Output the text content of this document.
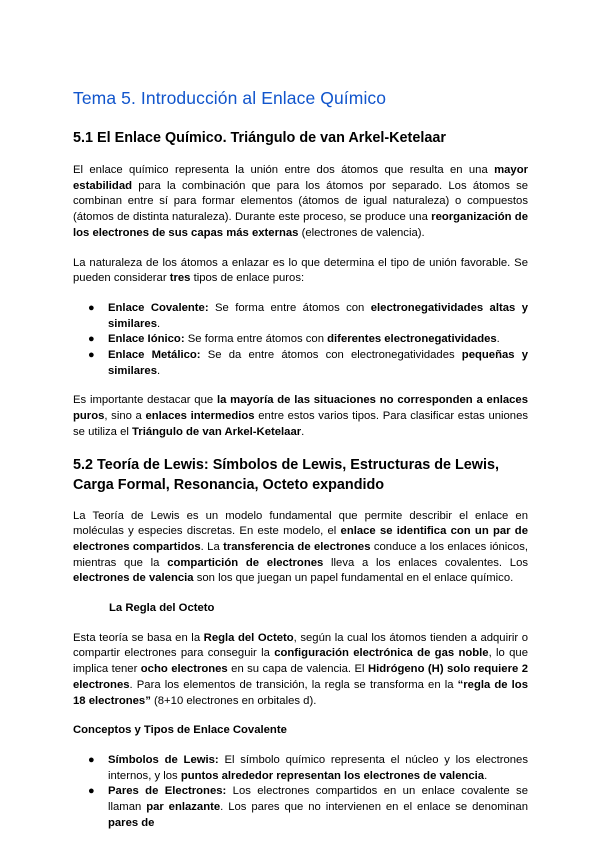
Tema 5. Introducción al Enlace Químico
5.1 El Enlace Químico. Triángulo de van Arkel-Ketelaar

El enlace químico representa la unión entre dos átomos que resulta en una mayor estabilidad para la combinación que para los átomos por separado. Los átomos se combinan entre sí para formar elementos (átomos de igual naturaleza) o compuestos (átomos de distinta naturaleza). Durante este proceso, se produce una reorganización de los electrones de sus capas más externas (electrones de valencia).

La naturaleza de los átomos a enlazar es lo que determina el tipo de unión favorable. Se pueden considerar tres tipos de enlace puros:

● Enlace Covalente: Se forma entre átomos con electronegatividades altas y similares.
● Enlace Iónico: Se forma entre átomos con diferentes electronegatividades.
● Enlace Metálico: Se da entre átomos con electronegatividades pequeñas y similares.

Es importante destacar que la mayoría de las situaciones no corresponden a enlaces puros, sino a enlaces intermedios entre estos varios tipos. Para clasificar estas uniones se utiliza el Triángulo de van Arkel-Ketelaar.

5.2 Teoría de Lewis: Símbolos de Lewis, Estructuras de Lewis, Carga Formal, Resonancia, Octeto expandido

La Teoría de Lewis es un modelo fundamental que permite describir el enlace en moléculas y especies discretas. En este modelo, el enlace se identifica con un par de electrones compartidos. La transferencia de electrones conduce a los enlaces iónicos, mientras que la compartición de electrones lleva a los enlaces covalentes. Los electrones de valencia son los que juegan un papel fundamental en el enlace químico.

La Regla del Octeto

Esta teoría se basa en la Regla del Octeto, según la cual los átomos tienden a adquirir o compartir electrones para conseguir la configuración electrónica de gas noble, lo que implica tener ocho electrones en su capa de valencia. El Hidrógeno (H) solo requiere 2 electrones. Para los elementos de transición, la regla se transforma en la “regla de los 18 electrones” (8+10 electrones en orbitales d).

Conceptos y Tipos de Enlace Covalente
● Símbolos de Lewis: El símbolo químico representa el núcleo y los electrones internos, y los puntos alrededor representan los electrones de valencia.
● Pares de Electrones: Los electrones compartidos en un enlace covalente se llaman par enlazante. Los pares que no intervienen en el enlace se denominan pares de
